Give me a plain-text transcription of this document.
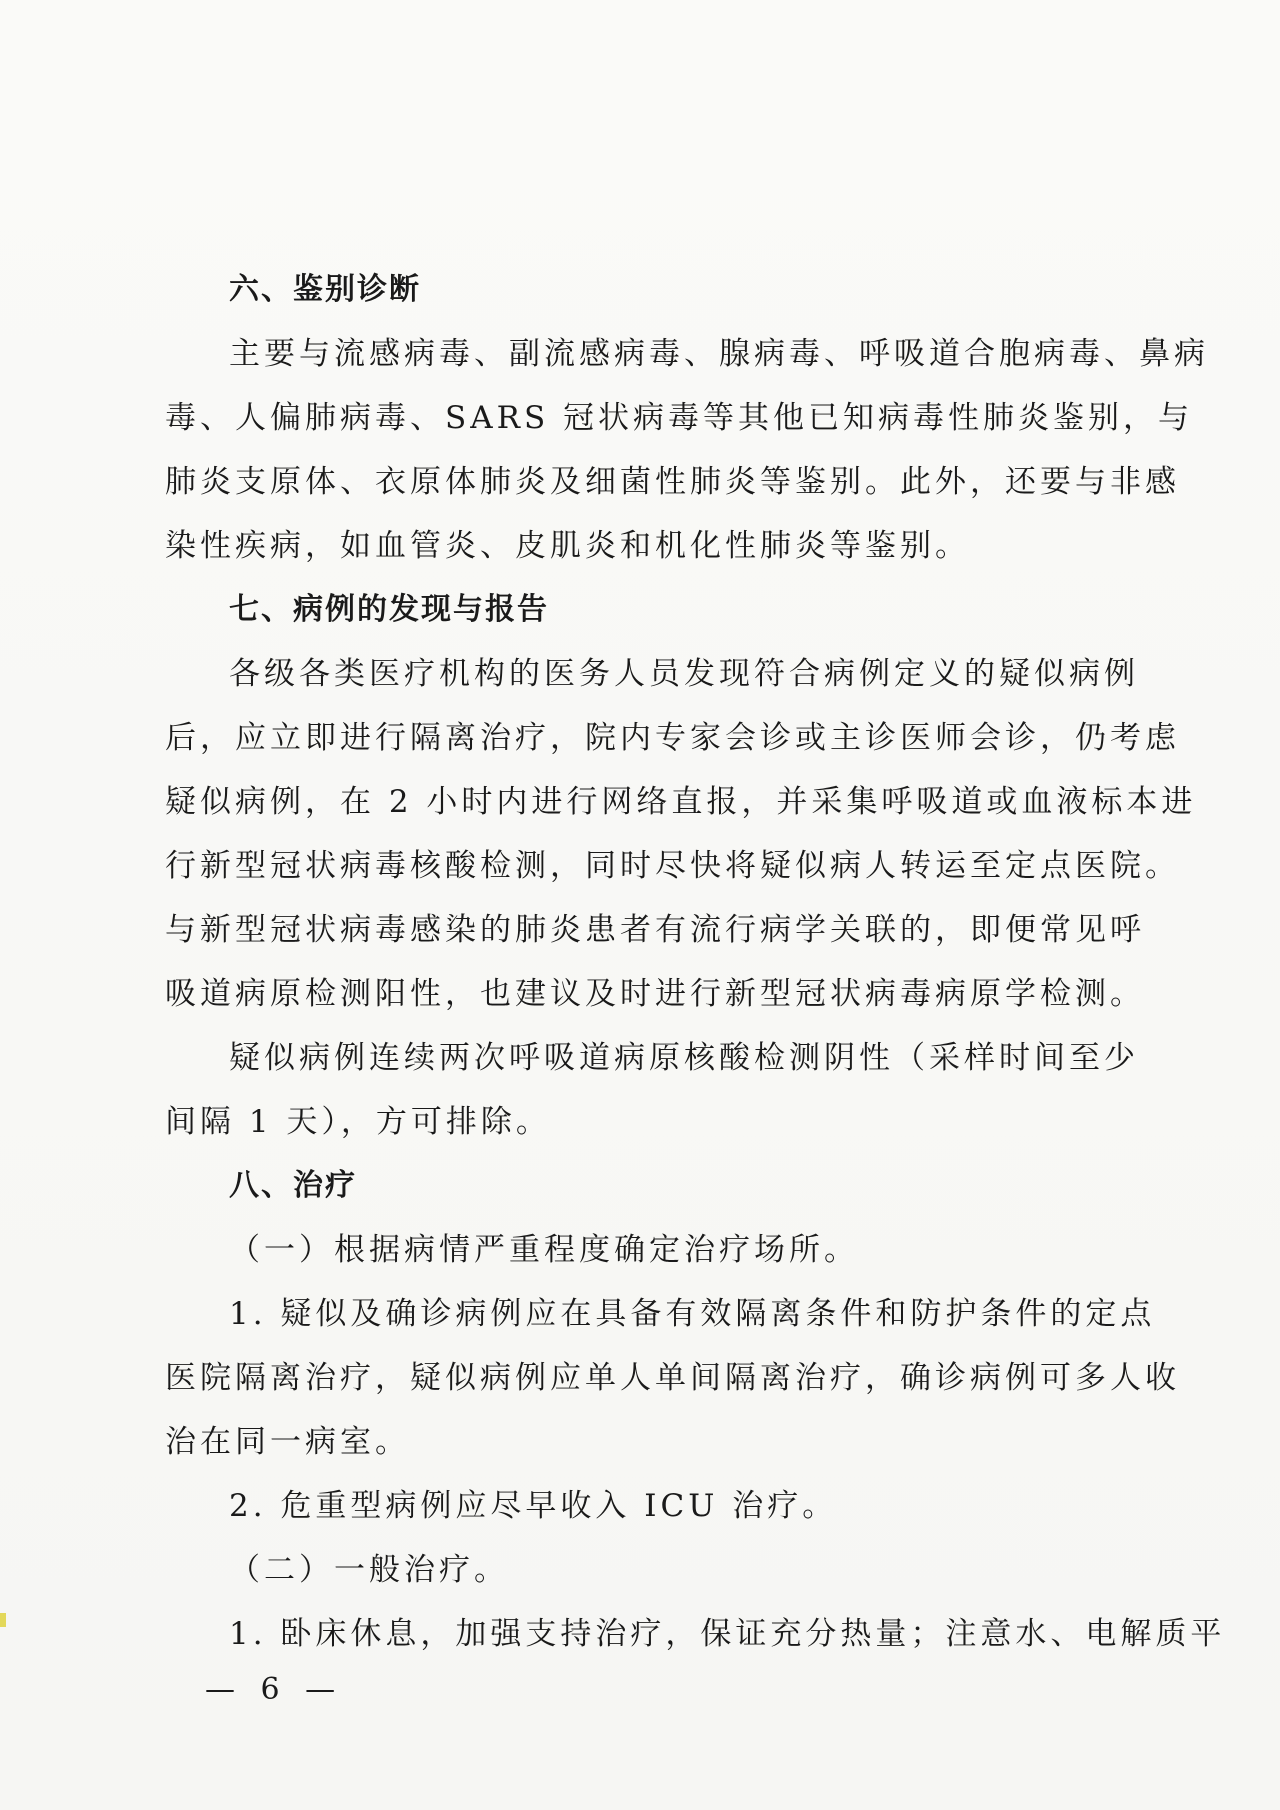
六、鉴别诊断

主要与流感病毒、副流感病毒、腺病毒、呼吸道合胞病毒、鼻病
毒、人偏肺病毒、SARS 冠状病毒等其他已知病毒性肺炎鉴别，与
肺炎支原体、衣原体肺炎及细菌性肺炎等鉴别。此外，还要与非感
染性疾病，如血管炎、皮肌炎和机化性肺炎等鉴别。

七、病例的发现与报告

各级各类医疗机构的医务人员发现符合病例定义的疑似病例
后，应立即进行隔离治疗，院内专家会诊或主诊医师会诊，仍考虑
疑似病例，在 2 小时内进行网络直报，并采集呼吸道或血液标本进
行新型冠状病毒核酸检测，同时尽快将疑似病人转运至定点医院。
与新型冠状病毒感染的肺炎患者有流行病学关联的，即便常见呼
吸道病原检测阳性，也建议及时进行新型冠状病毒病原学检测。

疑似病例连续两次呼吸道病原核酸检测阴性（采样时间至少
间隔 1 天），方可排除。

八、治疗

（一）根据病情严重程度确定治疗场所。

1. 疑似及确诊病例应在具备有效隔离条件和防护条件的定点
医院隔离治疗，疑似病例应单人单间隔离治疗，确诊病例可多人收
治在同一病室。

2. 危重型病例应尽早收入 ICU 治疗。

（二）一般治疗。

1. 卧床休息，加强支持治疗，保证充分热量；注意水、电解质平

— 6 —
